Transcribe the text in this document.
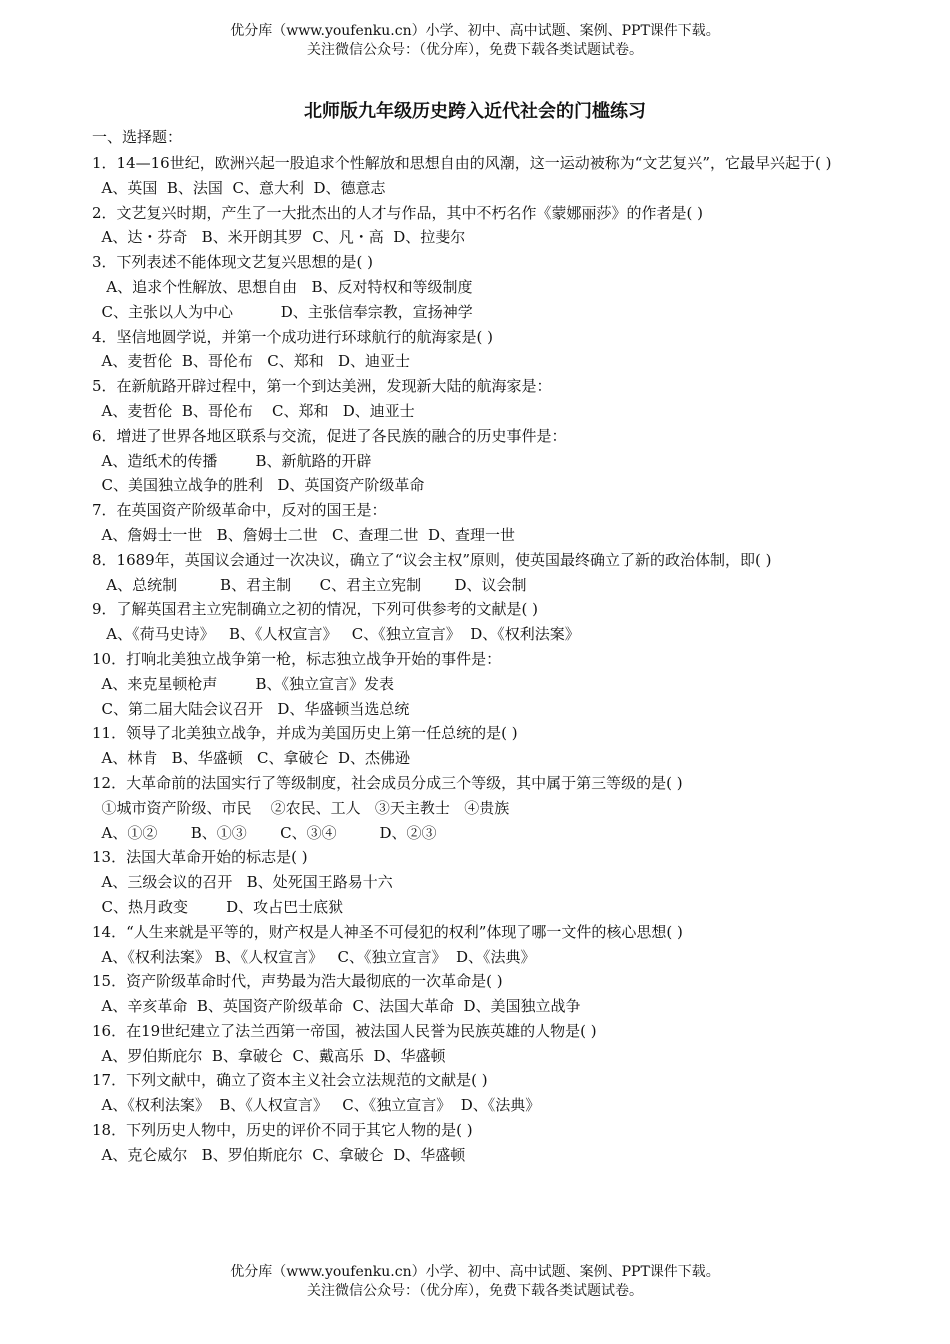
优分库（www.youfenku.cn）小学、初中、高中试题、案例、PPT课件下载。
关注微信公众号：（优分库），免费下载各类试题试卷。
北师版九年级历史跨入近代社会的门槛练习
一、选择题：

1．14—16世纪，欧洲兴起一股追求个性解放和思想自由的风潮，这一运动被称为“文艺复兴”，它最早兴起于( )

A、英国  B、法国  C、意大利  D、德意志

2．文艺复兴时期，产生了一大批杰出的人才与作品，其中不朽名作《蒙娜丽莎》的作者是( )

A、达・芬奇   B、米开朗其罗  C、凡・高  D、拉斐尔

3．下列表述不能体现文艺复兴思想的是( )

A、追求个性解放、思想自由   B、反对特权和等级制度

C、主张以人为中心          D、主张信奉宗教，宣扬神学

4．坚信地圆学说，并第一个成功进行环球航行的航海家是( )

A、麦哲伦  B、哥伦布   C、郑和   D、迪亚士

5．在新航路开辟过程中，第一个到达美洲，发现新大陆的航海家是：

A、麦哲伦  B、哥伦布    C、郑和   D、迪亚士

6．增进了世界各地区联系与交流，促进了各民族的融合的历史事件是：

A、造纸术的传播        B、新航路的开辟

C、美国独立战争的胜利   D、英国资产阶级革命

7．在英国资产阶级革命中，反对的国王是：

A、詹姆士一世   B、詹姆士二世   C、查理二世  D、查理一世

8．1689年，英国议会通过一次决议，确立了“议会主权”原则，使英国最终确立了新的政治体制，即( )

A、总统制         B、君主制      C、君主立宪制       D、议会制

9．了解英国君主立宪制确立之初的情况，下列可供参考的文献是( )

A、《荷马史诗》   B、《人权宣言》   C、《独立宣言》  D、《权利法案》

10．打响北美独立战争第一枪，标志独立战争开始的事件是：

A、来克星顿枪声        B、《独立宣言》发表

C、第二届大陆会议召开   D、华盛顿当选总统

11．领导了北美独立战争，并成为美国历史上第一任总统的是( )

A、林肯   B、华盛顿   C、拿破仑  D、杰佛逊

12．大革命前的法国实行了等级制度，社会成员分成三个等级，其中属于第三等级的是( )

①城市资产阶级、市民    ②农民、工人   ③天主教士   ④贵族

A、①②       B、①③       C、③④         D、②③

13．法国大革命开始的标志是( )

A、三级会议的召开   B、处死国王路易十六

C、热月政变        D、攻占巴士底狱

14．“人生来就是平等的，财产权是人神圣不可侵犯的权利”体现了哪一文件的核心思想( )

A、《权利法案》 B、《人权宣言》   C、《独立宣言》  D、《法典》

15．资产阶级革命时代，声势最为浩大最彻底的一次革命是( )

A、辛亥革命  B、英国资产阶级革命  C、法国大革命  D、美国独立战争

16．在19世纪建立了法兰西第一帝国，被法国人民誉为民族英雄的人物是( )

A、罗伯斯庇尔  B、拿破仑  C、戴高乐  D、华盛顿

17．下列文献中，确立了资本主义社会立法规范的文献是( )

A、《权利法案》  B、《人权宣言》   C、《独立宣言》  D、《法典》

18．下列历史人物中，历史的评价不同于其它人物的是( )

A、克仑威尔   B、罗伯斯庇尔  C、拿破仑  D、华盛顿

优分库（www.youfenku.cn）小学、初中、高中试题、案例、PPT课件下载。
关注微信公众号：（优分库），免费下载各类试题试卷。
